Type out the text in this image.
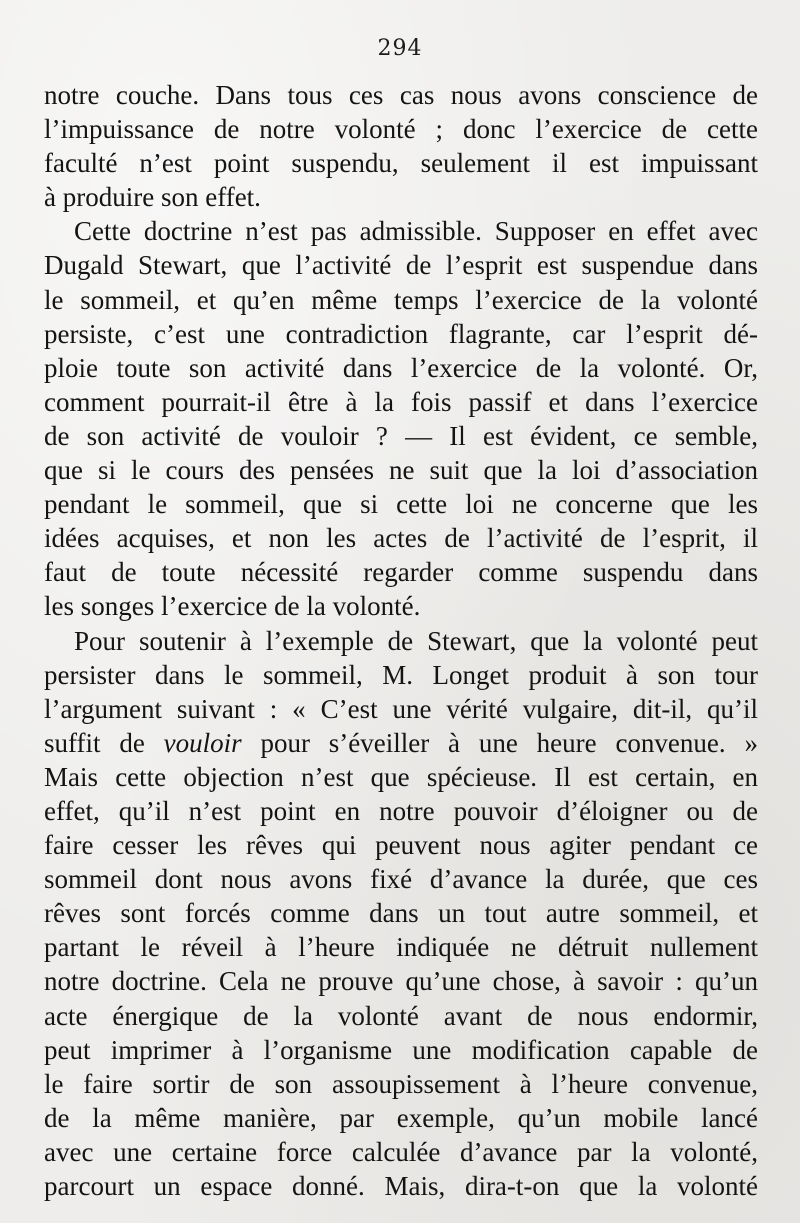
294
notre couche. Dans tous ces cas nous avons conscience de
l’impuissance de notre volonté ; donc l’exercice de cette
faculté n’est point suspendu, seulement il est impuissant
à produire son effet.
Cette doctrine n’est pas admissible. Supposer en effet avec
Dugald Stewart, que l’activité de l’esprit est suspendue dans
le sommeil, et qu’en même temps l’exercice de la volonté
persiste, c’est une contradiction flagrante, car l’esprit dé-
ploie toute son activité dans l’exercice de la volonté. Or,
comment pourrait-il être à la fois passif et dans l’exercice
de son activité de vouloir ? — Il est évident, ce semble,
que si le cours des pensées ne suit que la loi d’association
pendant le sommeil, que si cette loi ne concerne que les
idées acquises, et non les actes de l’activité de l’esprit, il
faut de toute nécessité regarder comme suspendu dans
les songes l’exercice de la volonté.
Pour soutenir à l’exemple de Stewart, que la volonté peut
persister dans le sommeil, M. Longet produit à son tour
l’argument suivant : « C’est une vérité vulgaire, dit-il, qu’il
suffit de vouloir pour s’éveiller à une heure convenue. »
Mais cette objection n’est que spécieuse. Il est certain, en
effet, qu’il n’est point en notre pouvoir d’éloigner ou de
faire cesser les rêves qui peuvent nous agiter pendant ce
sommeil dont nous avons fixé d’avance la durée, que ces
rêves sont forcés comme dans un tout autre sommeil, et
partant le réveil à l’heure indiquée ne détruit nullement
notre doctrine. Cela ne prouve qu’une chose, à savoir : qu’un
acte énergique de la volonté avant de nous endormir,
peut imprimer à l’organisme une modification capable de
le faire sortir de son assoupissement à l’heure convenue,
de la même manière, par exemple, qu’un mobile lancé
avec une certaine force calculée d’avance par la volonté,
parcourt un espace donné. Mais, dira-t-on que la volonté
